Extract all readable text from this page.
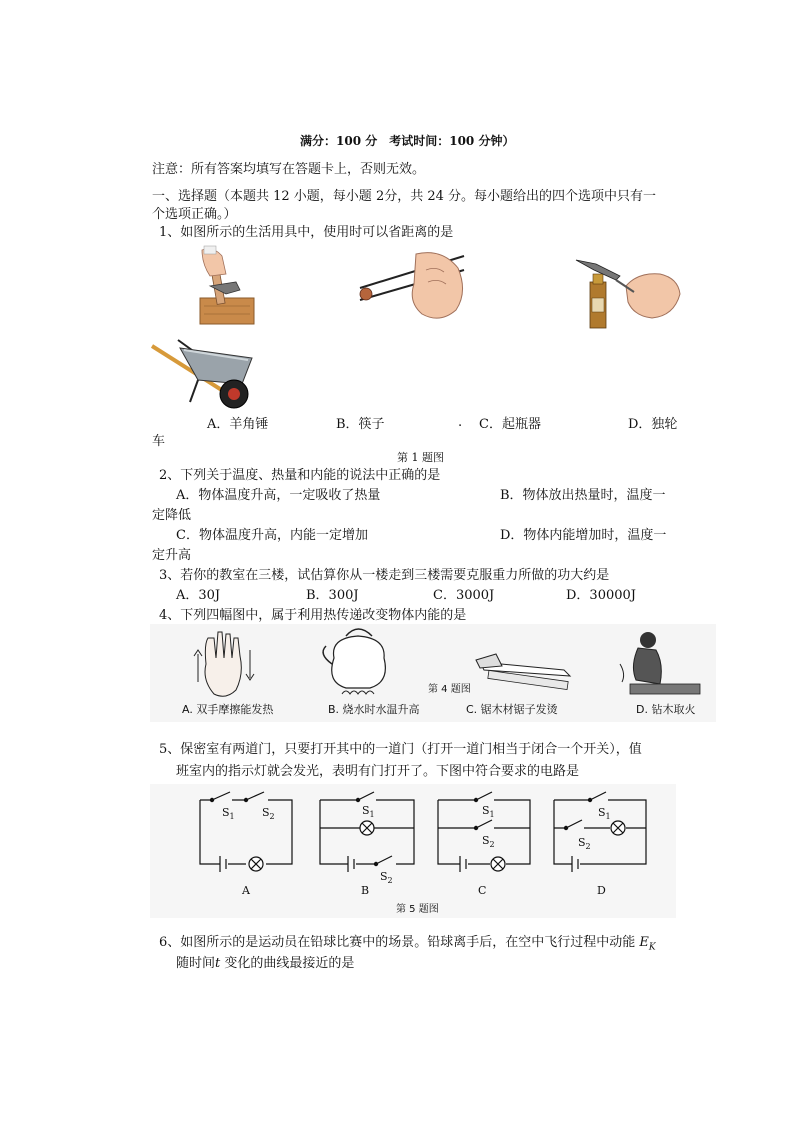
满分：100 分　考试时间：100 分钟）
注意：所有答案均填写在答题卡上，否则无效。
一、选择题（本题共 12 小题，每小题 2分，共 24 分。每小题给出的四个选项中只有一
个选项正确。）
1、如图所示的生活用具中，使用时可以省距离的是
A．羊角锤	B．筷子	. C．起瓶器	D．独轮
车
第 1 题图
2、下列关于温度、热量和内能的说法中正确的是
A．物体温度升高，一定吸收了热量	B．物体放出热量时，温度一
定降低
C．物体温度升高，内能一定增加	D．物体内能增加时，温度一
定升高
3、若你的教室在三楼，试估算你从一楼走到三楼需要克服重力所做的功大约是
A．30J	B．300J	C．3000J	D．30000J
4、下列四幅图中，属于利用热传递改变物体内能的是
第 4 题图
A. 双手摩擦能发热	B. 烧水时水温升高	C. 锯木材锯子发烫	D. 钻木取火
5、保密室有两道门，只要打开其中的一道门（打开一道门相当于闭合一个开关），值
班室内的指示灯就会发光，表明有门打开了。下图中符合要求的电路是
$S_1$ $S_2$	$S_1$
$S_2$
$S_1$
$S_2$
$S_1$
$S_2$
A	B	C	D
第 5 题图
6、如图所示的是运动员在铅球比赛中的场景。铅球离手后，在空中飞行过程中动能 $E_K$
随时间t 变化的曲线最接近的是
